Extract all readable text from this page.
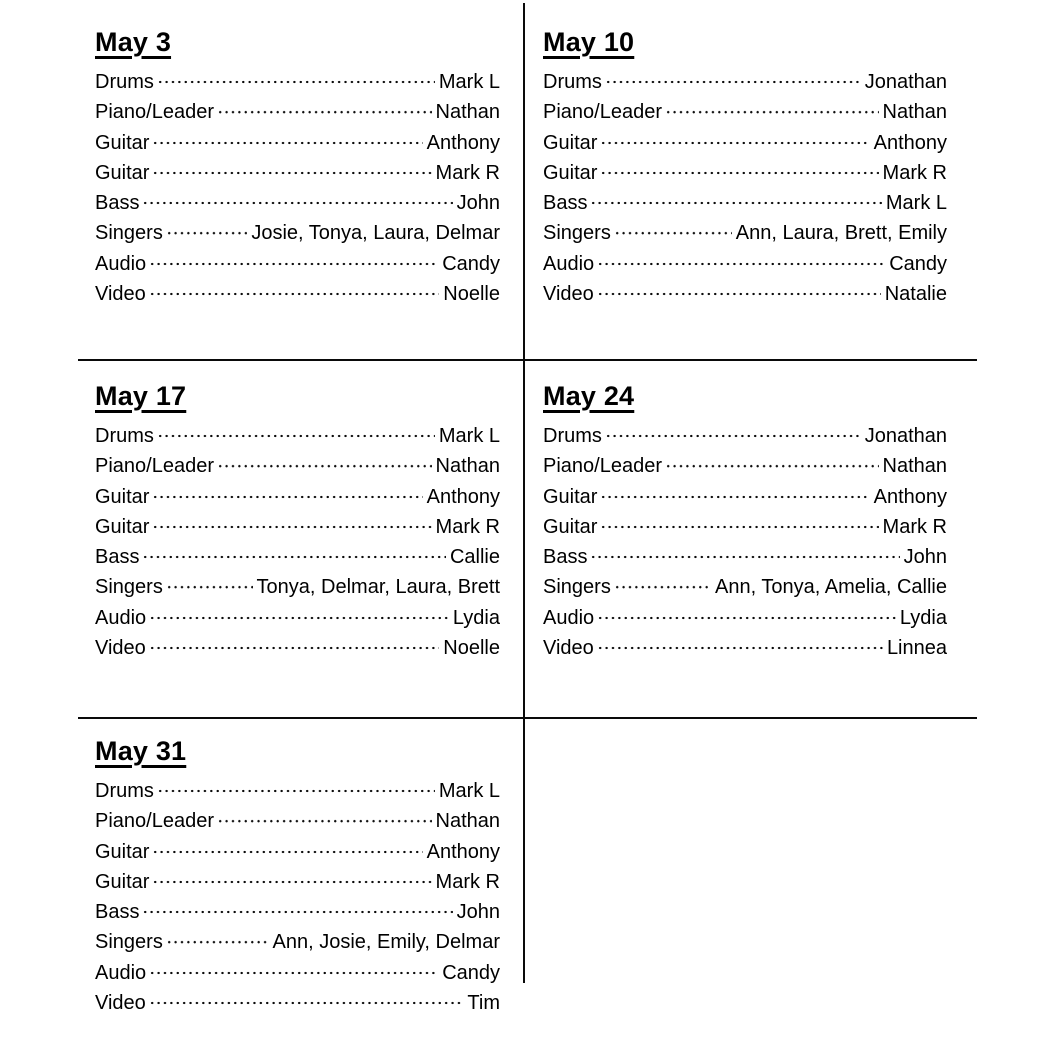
May 3
Drums	Mark L
Piano/Leader	Nathan
Guitar	Anthony
Guitar	Mark R
Bass	John
Singers	Josie, Tonya, Laura, Delmar
Audio	Candy
Video	Noelle
May 10
Drums	Jonathan
Piano/Leader	Nathan
Guitar	Anthony
Guitar	Mark R
Bass	Mark L
Singers	Ann, Laura, Brett, Emily
Audio	Candy
Video	Natalie
May 17
Drums	Mark L
Piano/Leader	Nathan
Guitar	Anthony
Guitar	Mark R
Bass	Callie
Singers	Tonya, Delmar, Laura, Brett
Audio	Lydia
Video	Noelle
May 24
Drums	Jonathan
Piano/Leader	Nathan
Guitar	Anthony
Guitar	Mark R
Bass	John
Singers	Ann, Tonya, Amelia, Callie
Audio	Lydia
Video	Linnea
May 31
Drums	Mark L
Piano/Leader	Nathan
Guitar	Anthony
Guitar	Mark R
Bass	John
Singers	Ann, Josie, Emily, Delmar
Audio	Candy
Video	Tim
